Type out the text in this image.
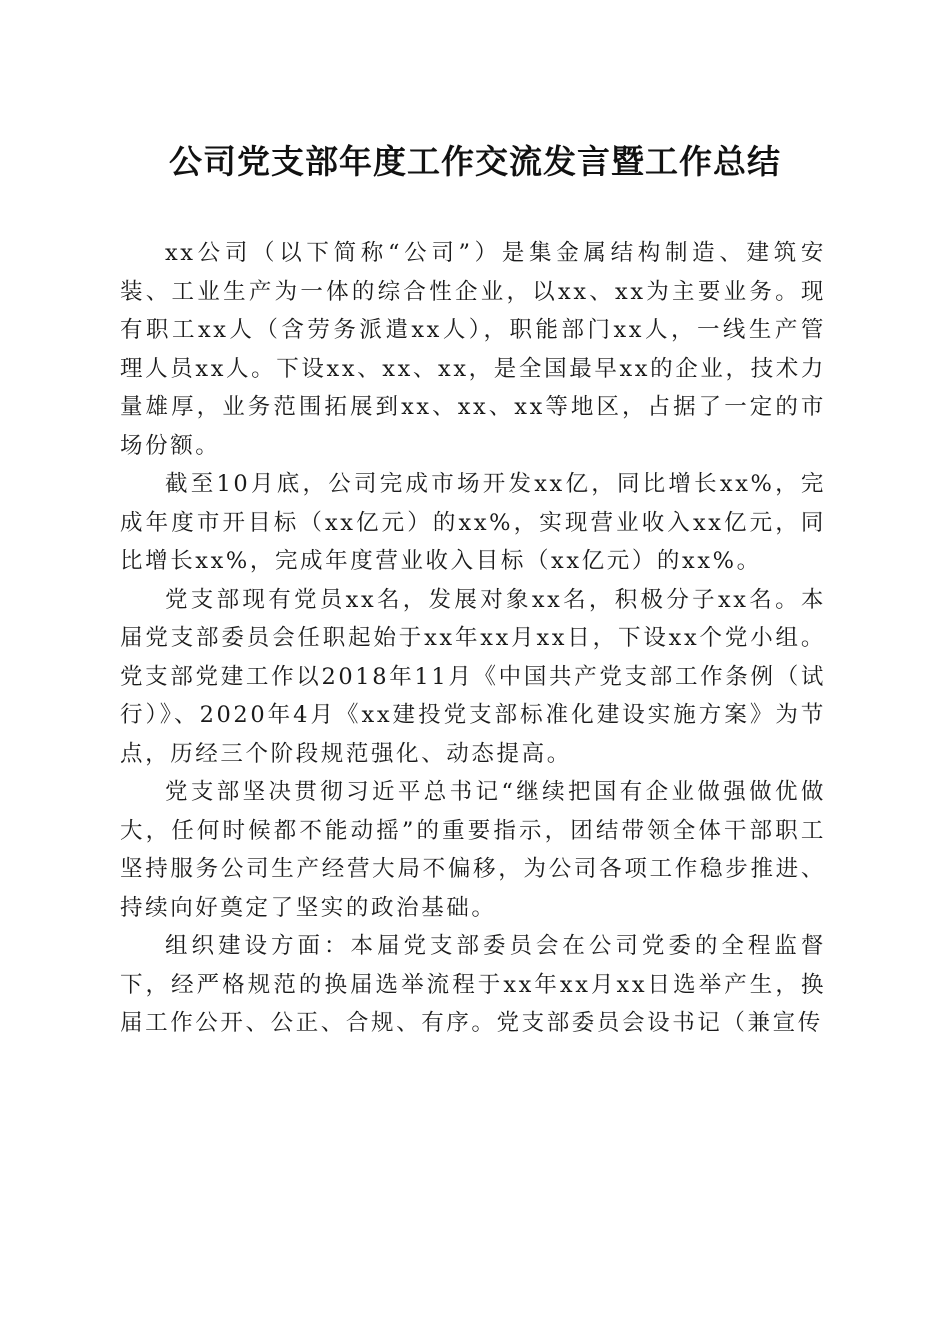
公司党支部年度工作交流发言暨工作总结

xx公司（以下简称“公司”）是集金属结构制造、建筑安装、工业生产为一体的综合性企业，以xx、xx为主要业务。现有职工xx人（含劳务派遣xx人），职能部门xx人，一线生产管理人员xx人。下设xx、xx、xx，是全国最早xx的企业，技术力量雄厚，业务范围拓展到xx、xx、xx等地区，占据了一定的市场份额。

截至10月底，公司完成市场开发xx亿，同比增长xx%，完成年度市开目标（xx亿元）的xx%，实现营业收入xx亿元，同比增长xx%，完成年度营业收入目标（xx亿元）的xx%。

党支部现有党员xx名，发展对象xx名，积极分子xx名。本届党支部委员会任职起始于xx年xx月xx日，下设xx个党小组。党支部党建工作以2018年11月《中国共产党支部工作条例（试行）》、2020年4月《xx建投党支部标准化建设实施方案》为节点，历经三个阶段规范强化、动态提高。

党支部坚决贯彻习近平总书记“继续把国有企业做强做优做大，任何时候都不能动摇”的重要指示，团结带领全体干部职工坚持服务公司生产经营大局不偏移，为公司各项工作稳步推进、持续向好奠定了坚实的政治基础。

组织建设方面：本届党支部委员会在公司党委的全程监督下，经严格规范的换届选举流程于xx年xx月xx日选举产生，换届工作公开、公正、合规、有序。党支部委员会设书记（兼宣传
